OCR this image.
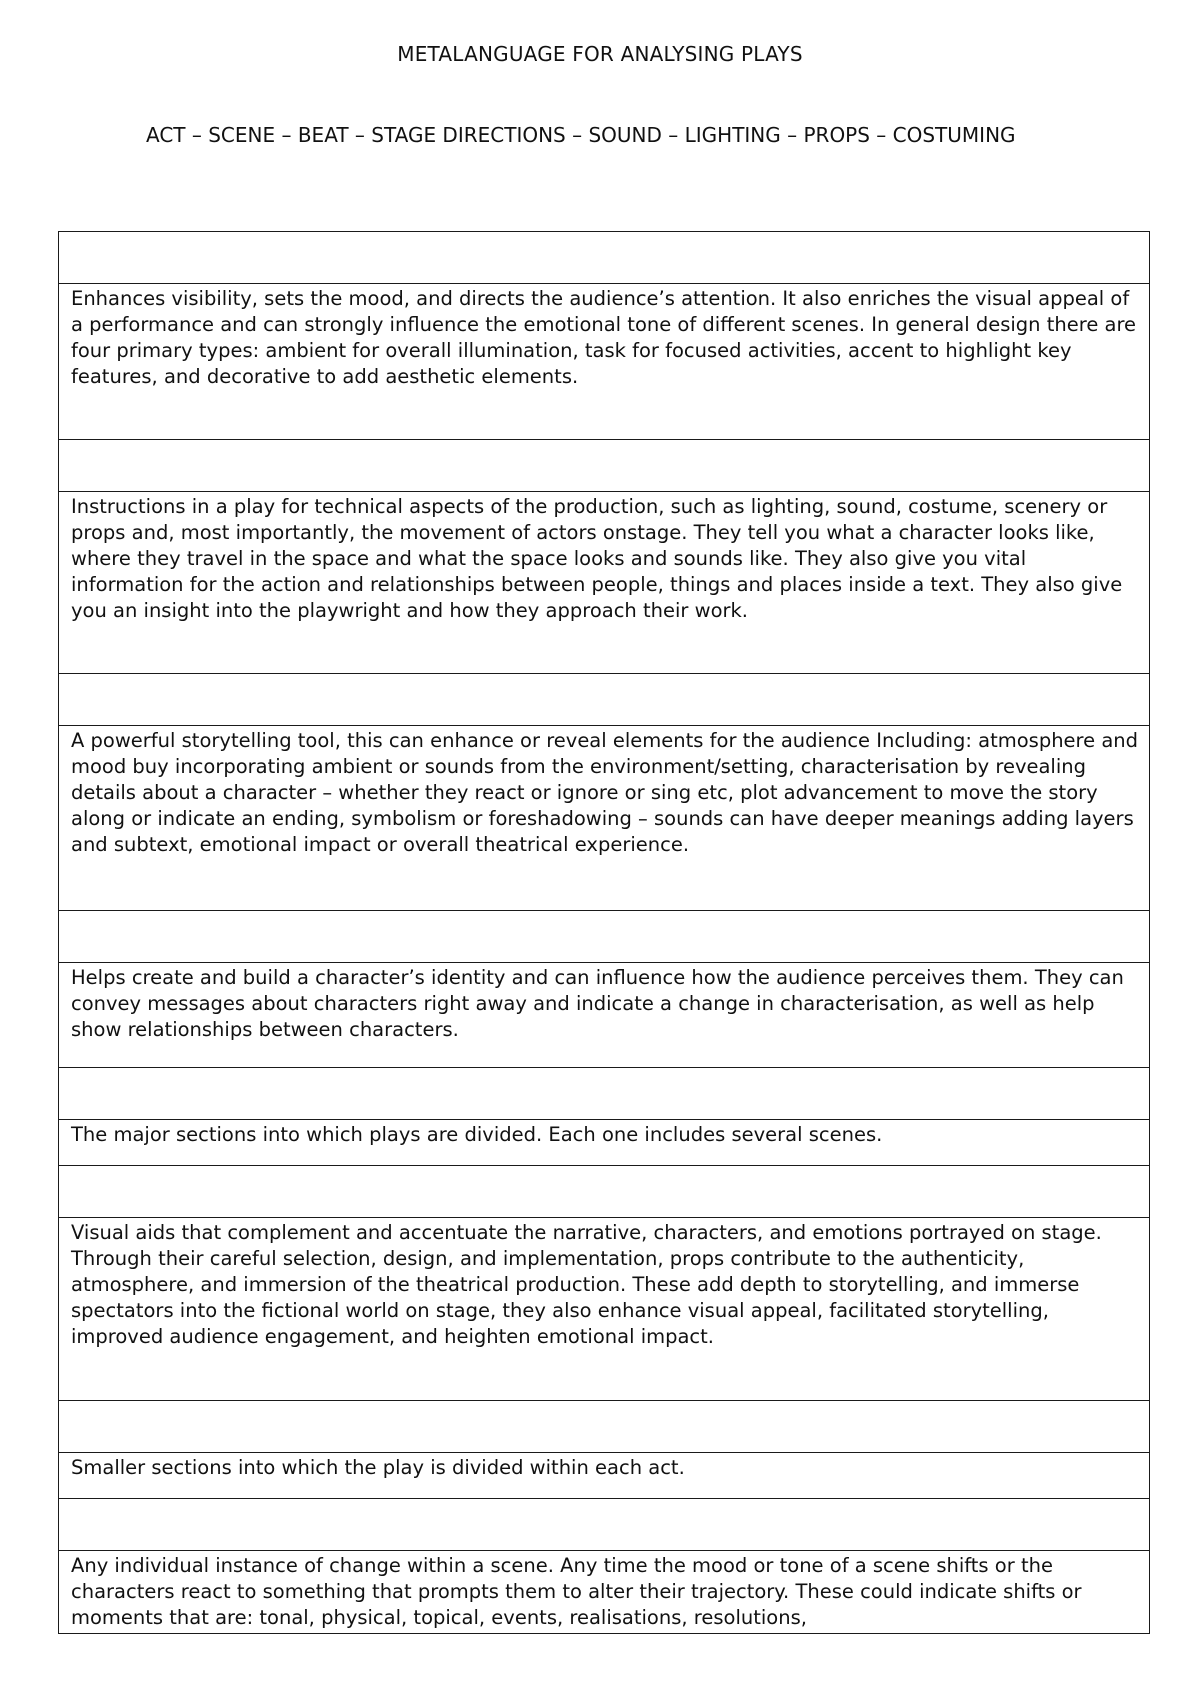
METALANGUAGE FOR ANALYSING PLAYS
ACT – SCENE – BEAT – STAGE DIRECTIONS – SOUND – LIGHTING – PROPS – COSTUMING

Enhances visibility, sets the mood, and directs the audience’s attention. It also enriches the visual appeal of a performance and can strongly influence the emotional tone of different scenes. In general design there are four primary types: ambient for overall illumination, task for focused activities, accent to highlight key features, and decorative to add aesthetic elements.

Instructions in a play for technical aspects of the production, such as lighting, sound, costume, scenery or props and, most importantly, the movement of actors onstage. They tell you what a character looks like, where they travel in the space and what the space looks and sounds like. They also give you vital information for the action and relationships between people, things and places inside a text. They also give you an insight into the playwright and how they approach their work.

A powerful storytelling tool, this can enhance or reveal elements for the audience Including: atmosphere and mood buy incorporating ambient or sounds from the environment/setting, characterisation by revealing details about a character – whether they react or ignore or sing etc, plot advancement to move the story along or indicate an ending, symbolism or foreshadowing – sounds can have deeper meanings adding layers and subtext, emotional impact or overall theatrical experience.

Helps create and build a character’s identity and can influence how the audience perceives them. They can convey messages about characters right away and indicate a change in characterisation, as well as help show relationships between characters.

The major sections into which plays are divided. Each one includes several scenes.

Visual aids that complement and accentuate the narrative, characters, and emotions portrayed on stage. Through their careful selection, design, and implementation, props contribute to the authenticity, atmosphere, and immersion of the theatrical production. These add depth to storytelling, and immerse spectators into the fictional world on stage, they also enhance visual appeal, facilitated storytelling, improved audience engagement, and heighten emotional impact.

Smaller sections into which the play is divided within each act.

Any individual instance of change within a scene. Any time the mood or tone of a scene shifts or the characters react to something that prompts them to alter their trajectory. These could indicate shifts or moments that are: tonal, physical, topical, events, realisations, resolutions,
